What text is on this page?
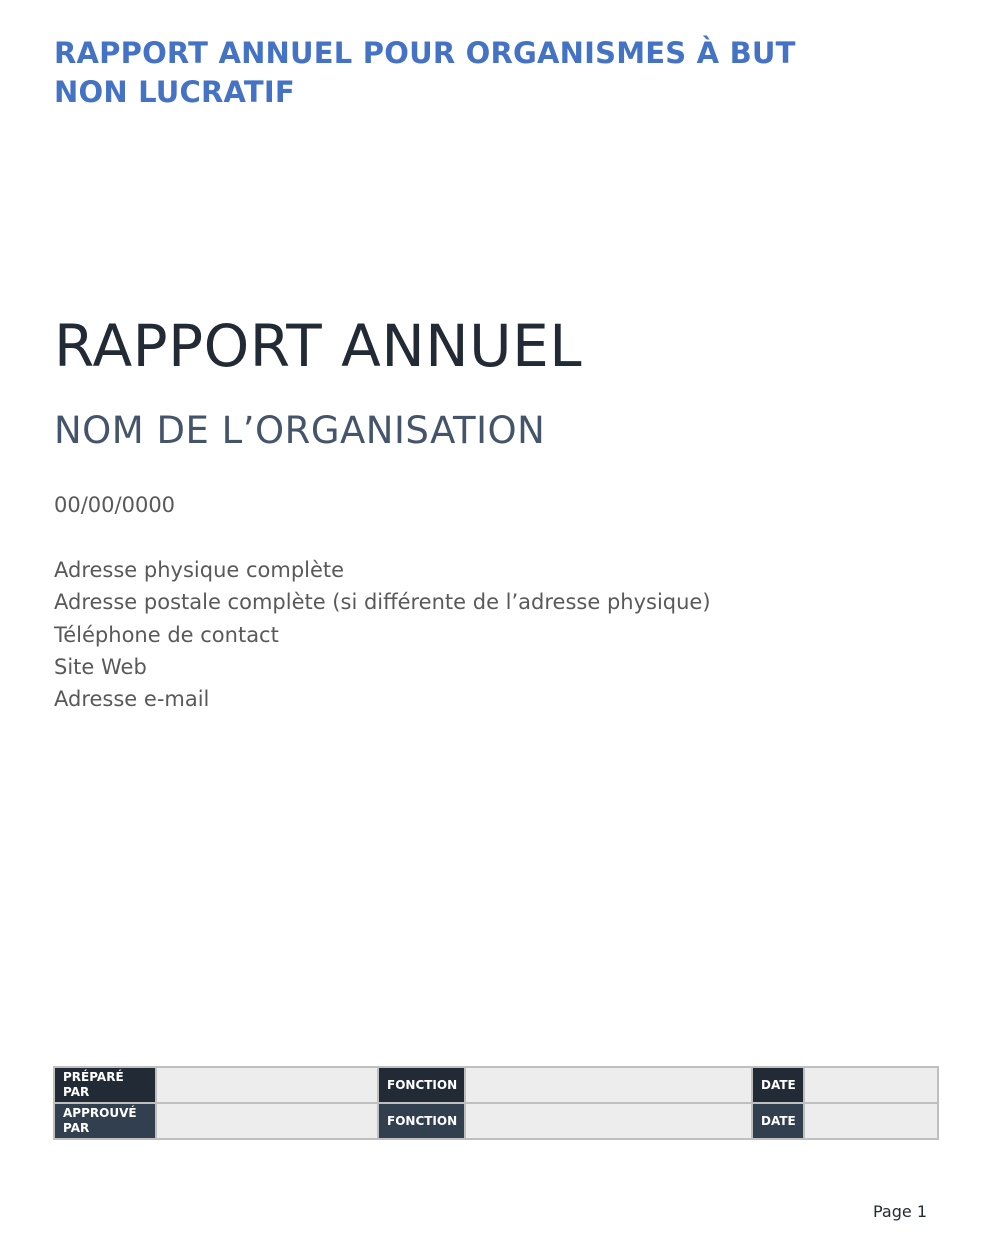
RAPPORT ANNUEL POUR ORGANISMES À BUT NON LUCRATIF
RAPPORT ANNUEL
NOM DE L’ORGANISATION
00/00/0000
Adresse physique complète
Adresse postale complète (si différente de l’adresse physique)
Téléphone de contact
Site Web
Adresse e-mail
PRÉPARÉ PAR		FONCTION		DATE	
APPROUVÉ PAR		FONCTION		DATE	
Page 1
